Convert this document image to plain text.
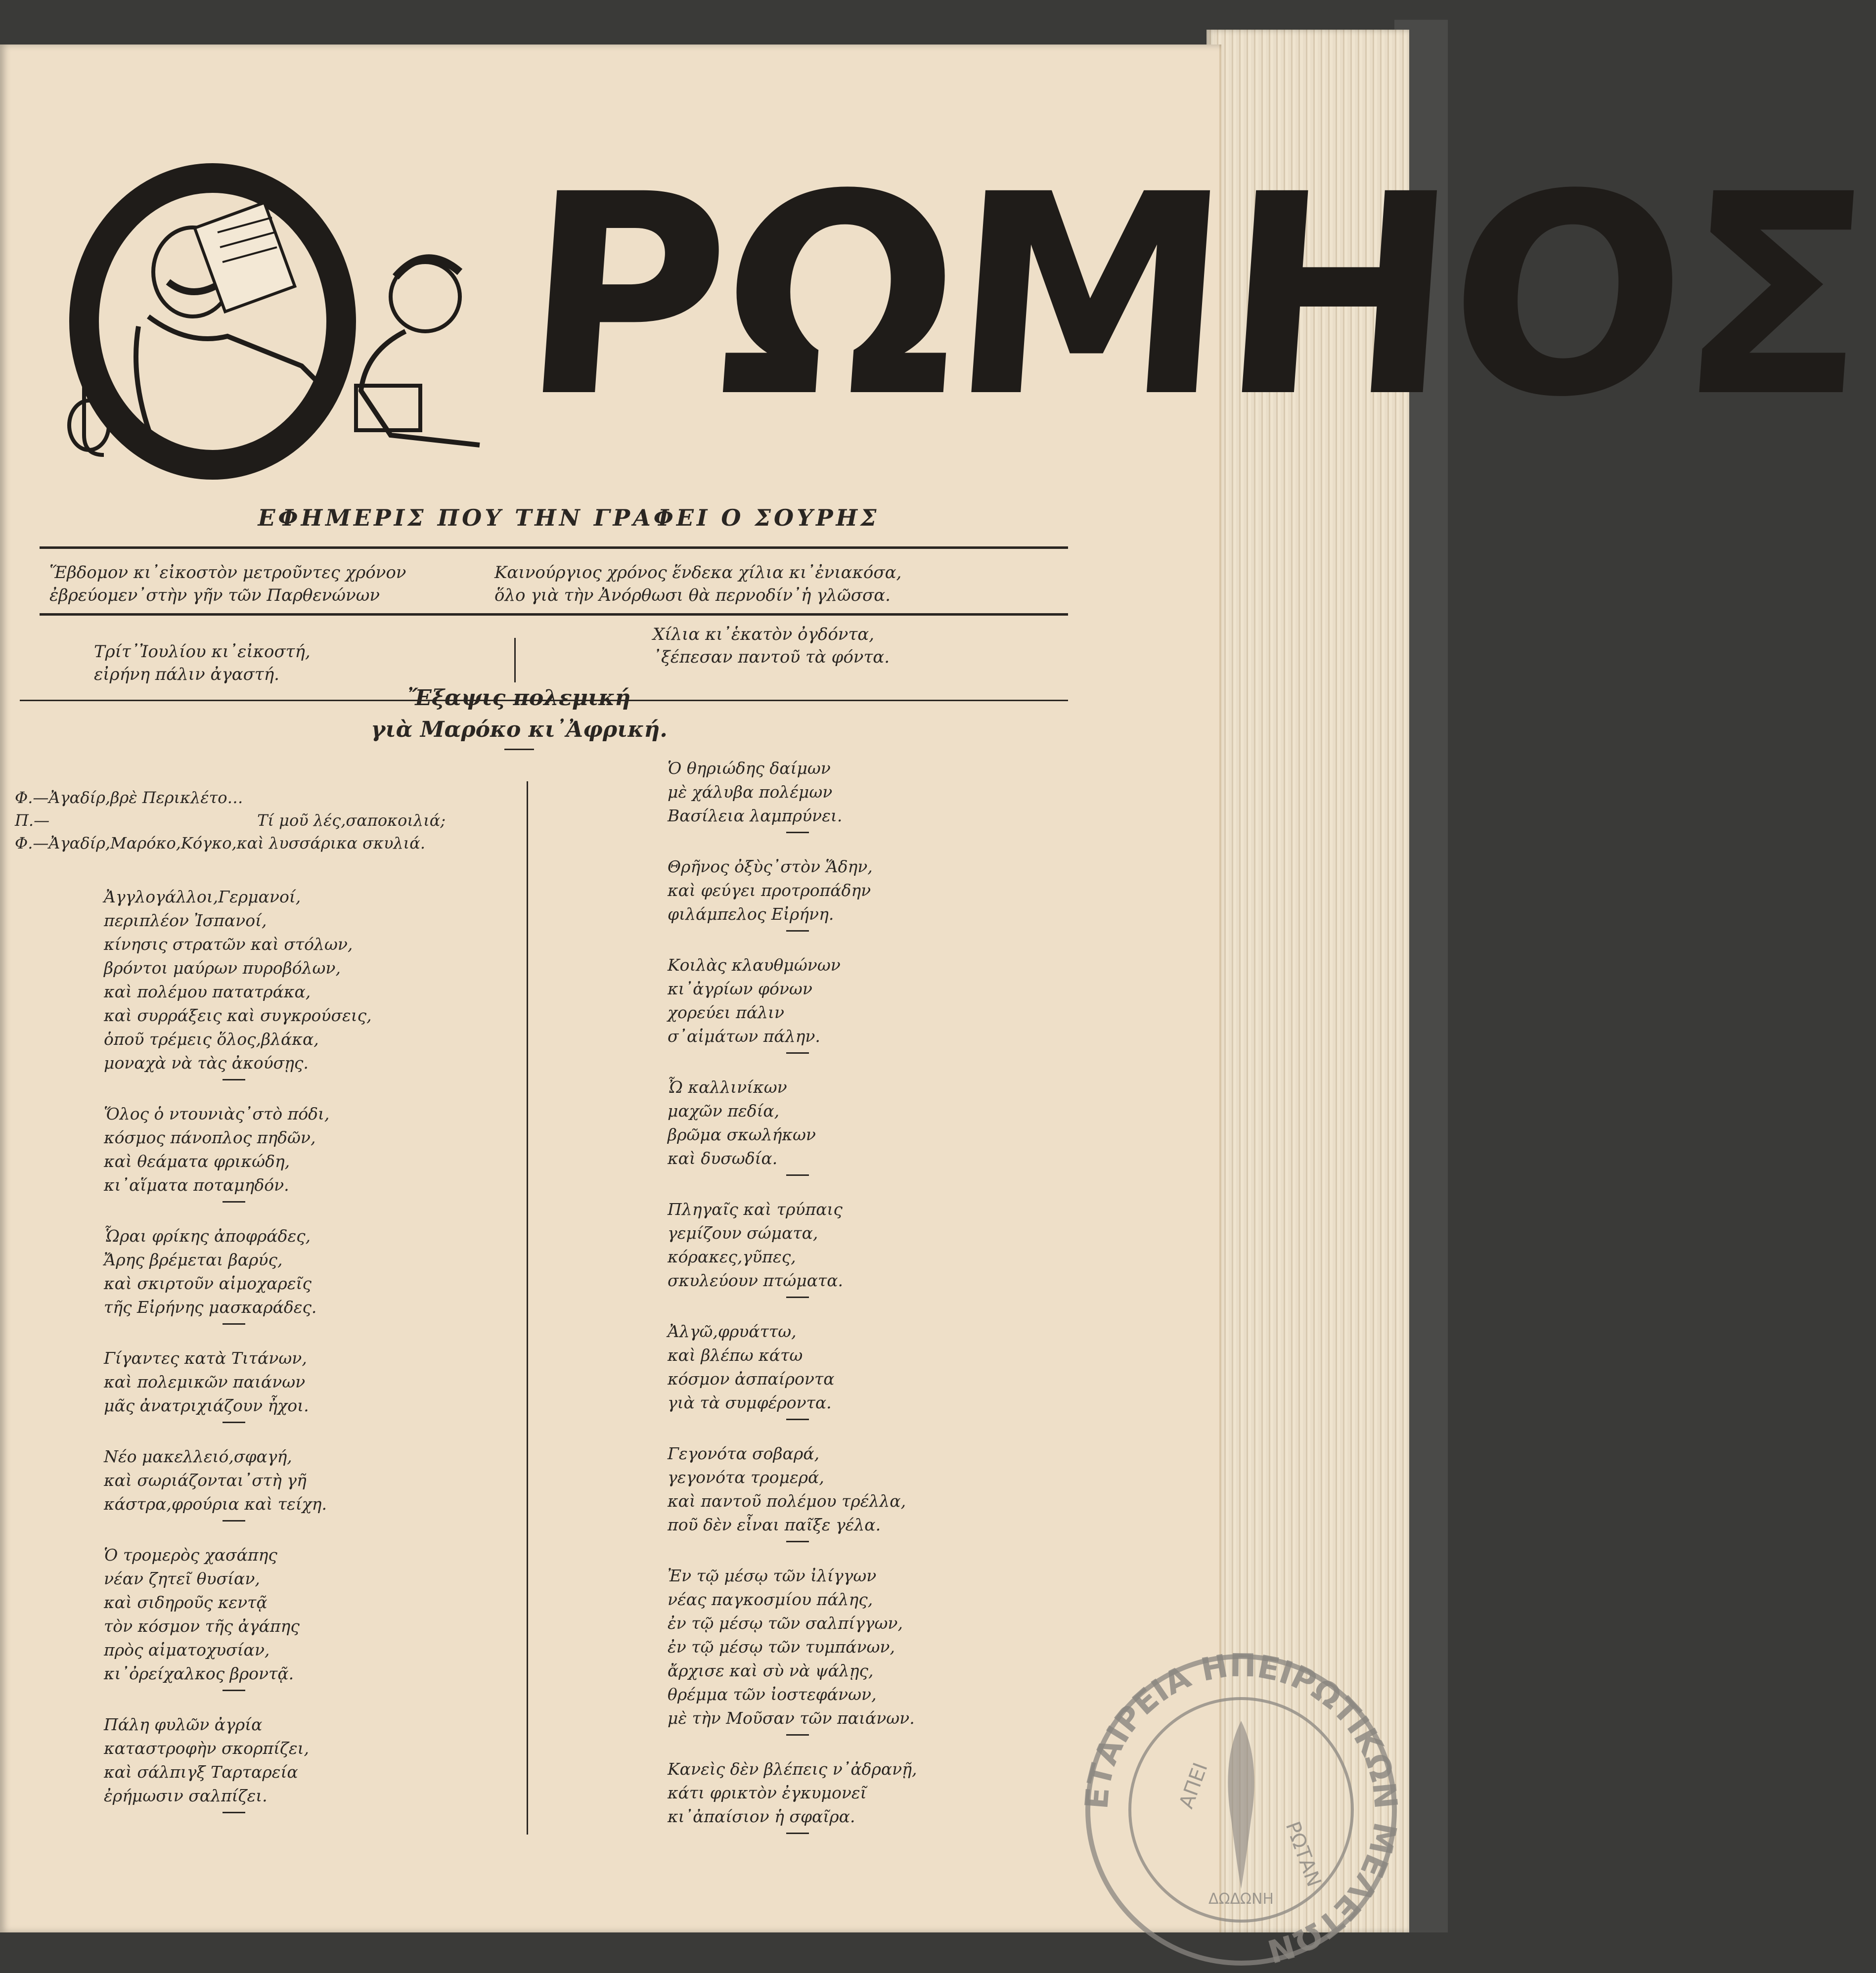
ΡΩΜΗΟΣ
ΕΦΗΜΕΡΙΣ ΠΟΥ ΤΗΝ ΓΡΑΦΕΙ Ο ΣΟΥΡΗΣ
Ἕβδομον κι᾿εἰκοστὸν μετροῦντες χρόνον
ἐβρεύομεν᾿στὴν γῆν τῶν Παρθενώνων
Καινούργιος χρόνος ἕνδεκα χίλια κι᾿ἐνιακόσα,
ὅλο γιὰ τὴν Ἀνόρθωσι θὰ περνοδίν᾿ἡ γλῶσσα.
Τρίτ᾿Ἰουλίου κι᾿εἰκοστή,
εἰρήνη πάλιν ἀγαστή.
Χίλια κι᾿ἑκατὸν ὀγδόντα,
᾿ξέπεσαν παντοῦ τὰ φόντα.
Ἔξαψις πολεμική
γιὰ Μαρόκο κι᾿Ἀφρική.
Φ.—Ἀγαδίρ,βρὲ Περικλέτο…
Π.—	Τί μοῦ λές,σαποκοιλιά;
Φ.—Ἀγαδίρ,Μαρόκο,Κόγκο,καὶ λυσσάρικα σκυλιά.
Ἀγγλογάλλοι,Γερμανοί,
περιπλέον Ἰσπανοί,
κίνησις στρατῶν καὶ στόλων,
βρόντοι μαύρων πυροβόλων,
καὶ πολέμου πατατράκα,
καὶ συρράξεις καὶ συγκρούσεις,
ὁποῦ τρέμεις ὅλος,βλάκα,
μοναχὰ νὰ τὰς ἀκούσῃς.
Ὅλος ὁ ντουνιὰς᾿στὸ πόδι,
κόσμος πάνοπλος πηδῶν,
καὶ θεάματα φρικώδη,
κι᾿αἵματα ποταμηδόν.
Ὧραι φρίκης ἀποφράδες,
Ἄρης βρέμεται βαρύς,
καὶ σκιρτοῦν αἱμοχαρεῖς
τῆς Εἰρήνης μασκαράδες.
Γίγαντες κατὰ Τιτάνων,
καὶ πολεμικῶν παιάνων
μᾶς ἀνατριχιάζουν ἦχοι.
Νέο μακελλειό,σφαγή,
καὶ σωριάζονται᾿στὴ γῆ
κάστρα,φρούρια καὶ τείχη.
Ὁ τρομερὸς χασάπης
νέαν ζητεῖ θυσίαν,
καὶ σιδηροῦς κεντᾷ
τὸν κόσμον τῆς ἀγάπης
πρὸς αἱματοχυσίαν,
κι᾿ὀρείχαλκος βροντᾷ.
Πάλη φυλῶν ἀγρία
καταστροφὴν σκορπίζει,
καὶ σάλπιγξ Ταρταρεία
ἐρήμωσιν σαλπίζει.
Ὁ θηριώδης δαίμων
μὲ χάλυβα πολέμων
Βασίλεια λαμπρύνει.
Θρῆνος ὀξὺς᾿στὸν Ἅδην,
καὶ φεύγει προτροπάδην
φιλάμπελος Εἰρήνη.
Κοιλὰς κλαυθμώνων
κι᾿ἀγρίων φόνων
χορεύει πάλιν
σ᾿αἱμάτων πάλην.
Ὦ καλλινίκων
μαχῶν πεδία,
βρῶμα σκωλήκων
καὶ δυσωδία.
Πληγαῖς καὶ τρύπαις
γεμίζουν σώματα,
κόρακες,γῦπες,
σκυλεύουν πτώματα.
Ἀλγῶ,φρυάττω,
καὶ βλέπω κάτω
κόσμον ἀσπαίροντα
γιὰ τὰ συμφέροντα.
Γεγονότα σοβαρά,
γεγονότα τρομερά,
καὶ παντοῦ πολέμου τρέλλα,
ποῦ δὲν εἶναι παῖξε γέλα.
Ἐν τῷ μέσῳ τῶν ἰλίγγων
νέας παγκοσμίου πάλης,
ἐν τῷ μέσῳ τῶν σαλπίγγων,
ἐν τῷ μέσῳ τῶν τυμπάνων,
ἄρχισε καὶ σὺ νὰ ψάλῃς,
θρέμμα τῶν ἰοστεφάνων,
μὲ τὴν Μοῦσαν τῶν παιάνων.
Κανεὶς δὲν βλέπεις ν᾿ἀδρανῇ,
κάτι φρικτὸν ἐγκυμονεῖ
κι᾿ἀπαίσιον ἡ σφαῖρα.
ΕΤΑΙΡΕΙΑ ΗΠΕΙΡΩΤΙΚΩΝ ΜΕΛΕΤΩΝ
ΡΩΤΑΝ
ΑΠΕΙ
ΔΩΔΩΝΗ
